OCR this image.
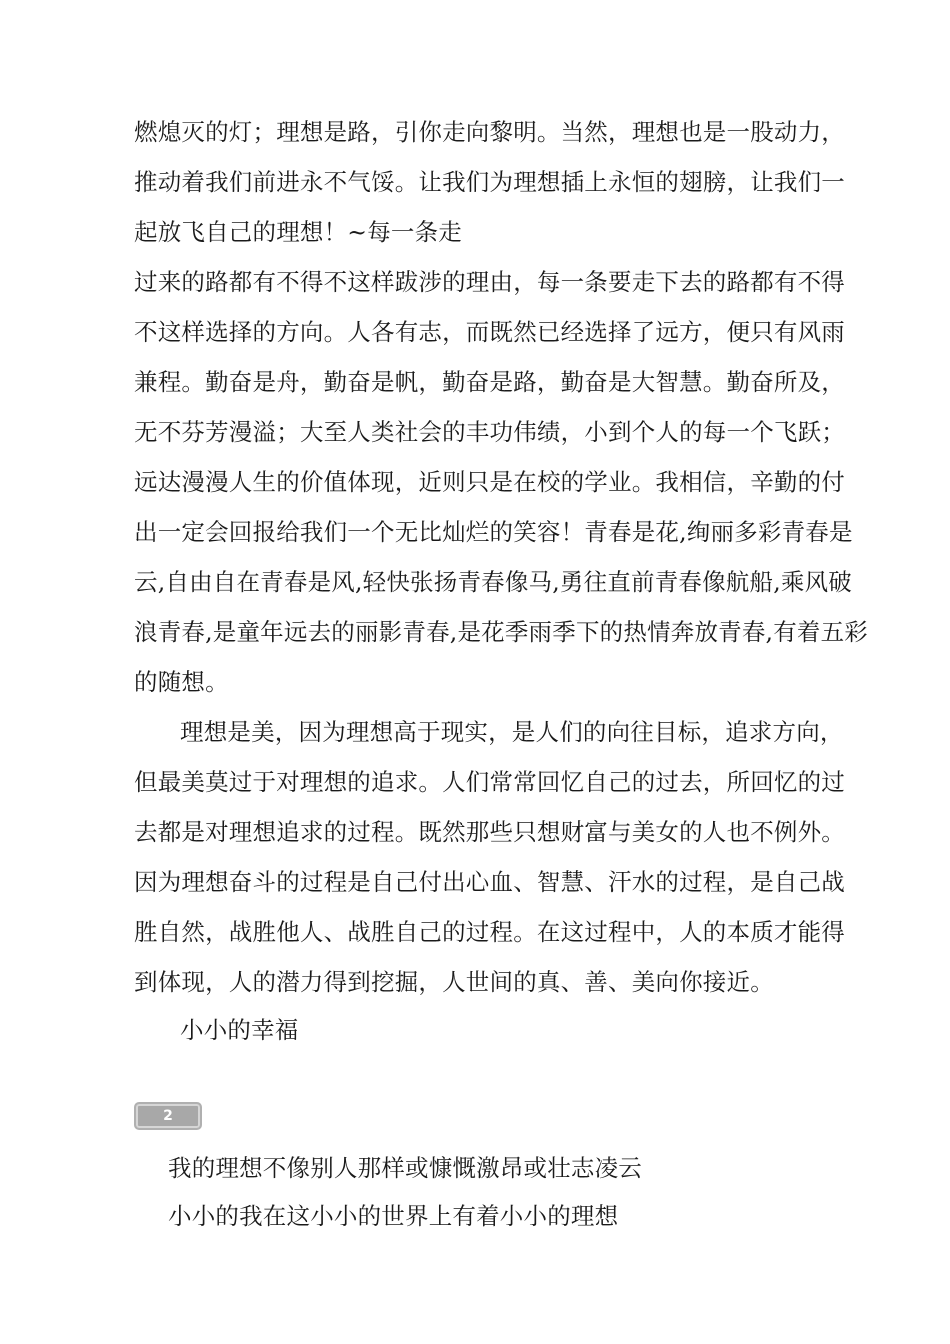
燃熄灭的灯；理想是路，引你走向黎明。当然，理想也是一股动力，
推动着我们前进永不气馁。让我们为理想插上永恒的翅膀，让我们一
起放飞自己的理想！~每一条走
过来的路都有不得不这样跋涉的理由，每一条要走下去的路都有不得
不这样选择的方向。人各有志，而既然已经选择了远方，便只有风雨
兼程。勤奋是舟，勤奋是帆，勤奋是路，勤奋是大智慧。勤奋所及，
无不芬芳漫溢；大至人类社会的丰功伟绩，小到个人的每一个飞跃；
远达漫漫人生的价值体现，近则只是在校的学业。我相信，辛勤的付
出一定会回报给我们一个无比灿烂的笑容！青春是花,绚丽多彩青春是
云,自由自在青春是风,轻快张扬青春像马,勇往直前青春像航船,乘风破
浪青春,是童年远去的丽影青春,是花季雨季下的热情奔放青春,有着五彩
的随想。
理想是美，因为理想高于现实，是人们的向往目标，追求方向，
但最美莫过于对理想的追求。人们常常回忆自己的过去，所回忆的过
去都是对理想追求的过程。既然那些只想财富与美女的人也不例外。
因为理想奋斗的过程是自己付出心血、智慧、汗水的过程，是自己战
胜自然，战胜他人、战胜自己的过程。在这过程中，人的本质才能得
到体现，人的潜力得到挖掘，人世间的真、善、美向你接近。
小小的幸福
2
我的理想不像别人那样或慷慨激昂或壮志凌云
小小的我在这小小的世界上有着小小的理想
